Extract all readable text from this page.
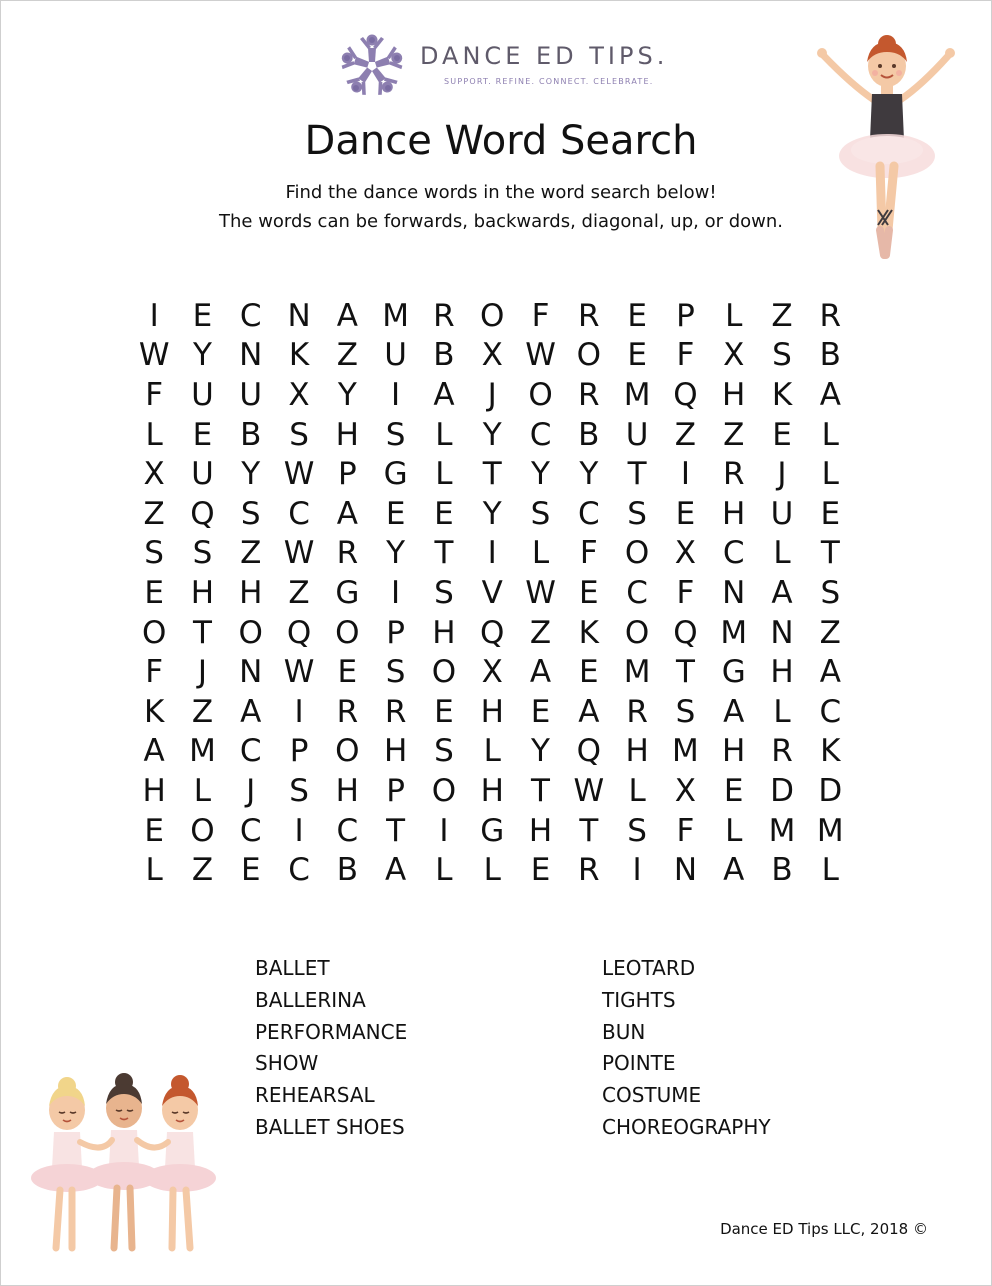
DANCE ED TIPS.
SUPPORT. REFINE. CONNECT. CELEBRATE.
Dance Word Search
Find the dance words in the word search below!
The words can be forwards, backwards, diagonal, up, or down.
I	E C N A M R O F R E P L Z R
W Y N K Z U B X W O E F X S B
F U U X Y	I	A	J	O R M Q H K A
L E B S H S L Y C B U Z Z E L
X U Y W P G L T Y Y T	I	R	J	L
Z Q S C A E E Y S C S E H U E
S S Z W R Y T	I	L F O X C L T
E H H Z G	I	S V W E C F N A S
O T O Q O P H Q Z K O Q M N Z
F	J	N W E S O X A E M T G H A
K Z A	I	R R E H E A R S A L C
A M C P O H S L Y Q H M H R K
H L	J	S H P O H T W L X E D D
E O C	I	C T	I	G H T S F L M M
L Z E C B A L	L E R	I	N A B L
BALLET
BALLERINA
PERFORMANCE
SHOW
REHEARSAL
BALLET SHOES
LEOTARD
TIGHTS
BUN
POINTE
COSTUME
CHOREOGRAPHY
Dance ED Tips LLC, 2018 ©
